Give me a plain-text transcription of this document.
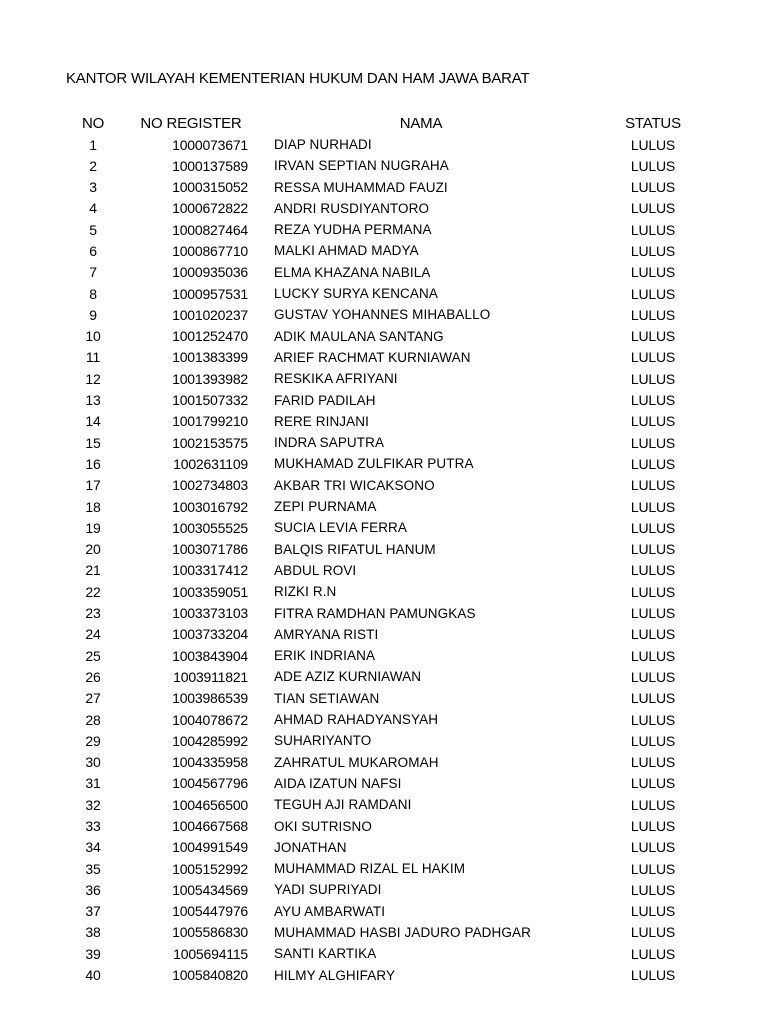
KANTOR WILAYAH KEMENTERIAN HUKUM DAN HAM JAWA BARAT
NO	NO REGISTER	NAMA	STATUS
1	1000073671	DIAP NURHADI	LULUS
2	1000137589	IRVAN SEPTIAN NUGRAHA	LULUS
3	1000315052	RESSA MUHAMMAD FAUZI	LULUS
4	1000672822	ANDRI RUSDIYANTORO	LULUS
5	1000827464	REZA YUDHA PERMANA	LULUS
6	1000867710	MALKI AHMAD MADYA	LULUS
7	1000935036	ELMA KHAZANA NABILA	LULUS
8	1000957531	LUCKY SURYA KENCANA	LULUS
9	1001020237	GUSTAV YOHANNES MIHABALLO	LULUS
10	1001252470	ADIK MAULANA SANTANG	LULUS
11	1001383399	ARIEF RACHMAT KURNIAWAN	LULUS
12	1001393982	RESKIKA AFRIYANI	LULUS
13	1001507332	FARID PADILAH	LULUS
14	1001799210	RERE RINJANI	LULUS
15	1002153575	INDRA SAPUTRA	LULUS
16	1002631109	MUKHAMAD ZULFIKAR PUTRA	LULUS
17	1002734803	AKBAR TRI WICAKSONO	LULUS
18	1003016792	ZEPI PURNAMA	LULUS
19	1003055525	SUCIA LEVIA FERRA	LULUS
20	1003071786	BALQIS RIFATUL HANUM	LULUS
21	1003317412	ABDUL ROVI	LULUS
22	1003359051	RIZKI R.N	LULUS
23	1003373103	FITRA RAMDHAN PAMUNGKAS	LULUS
24	1003733204	AMRYANA RISTI	LULUS
25	1003843904	ERIK INDRIANA	LULUS
26	1003911821	ADE AZIZ KURNIAWAN	LULUS
27	1003986539	TIAN SETIAWAN	LULUS
28	1004078672	AHMAD RAHADYANSYAH	LULUS
29	1004285992	SUHARIYANTO	LULUS
30	1004335958	ZAHRATUL MUKAROMAH	LULUS
31	1004567796	AIDA IZATUN NAFSI	LULUS
32	1004656500	TEGUH AJI RAMDANI	LULUS
33	1004667568	OKI SUTRISNO	LULUS
34	1004991549	JONATHAN	LULUS
35	1005152992	MUHAMMAD RIZAL EL HAKIM	LULUS
36	1005434569	YADI SUPRIYADI	LULUS
37	1005447976	AYU AMBARWATI	LULUS
38	1005586830	MUHAMMAD HASBI JADURO PADHGAR	LULUS
39	1005694115	SANTI KARTIKA	LULUS
40	1005840820	HILMY ALGHIFARY	LULUS
